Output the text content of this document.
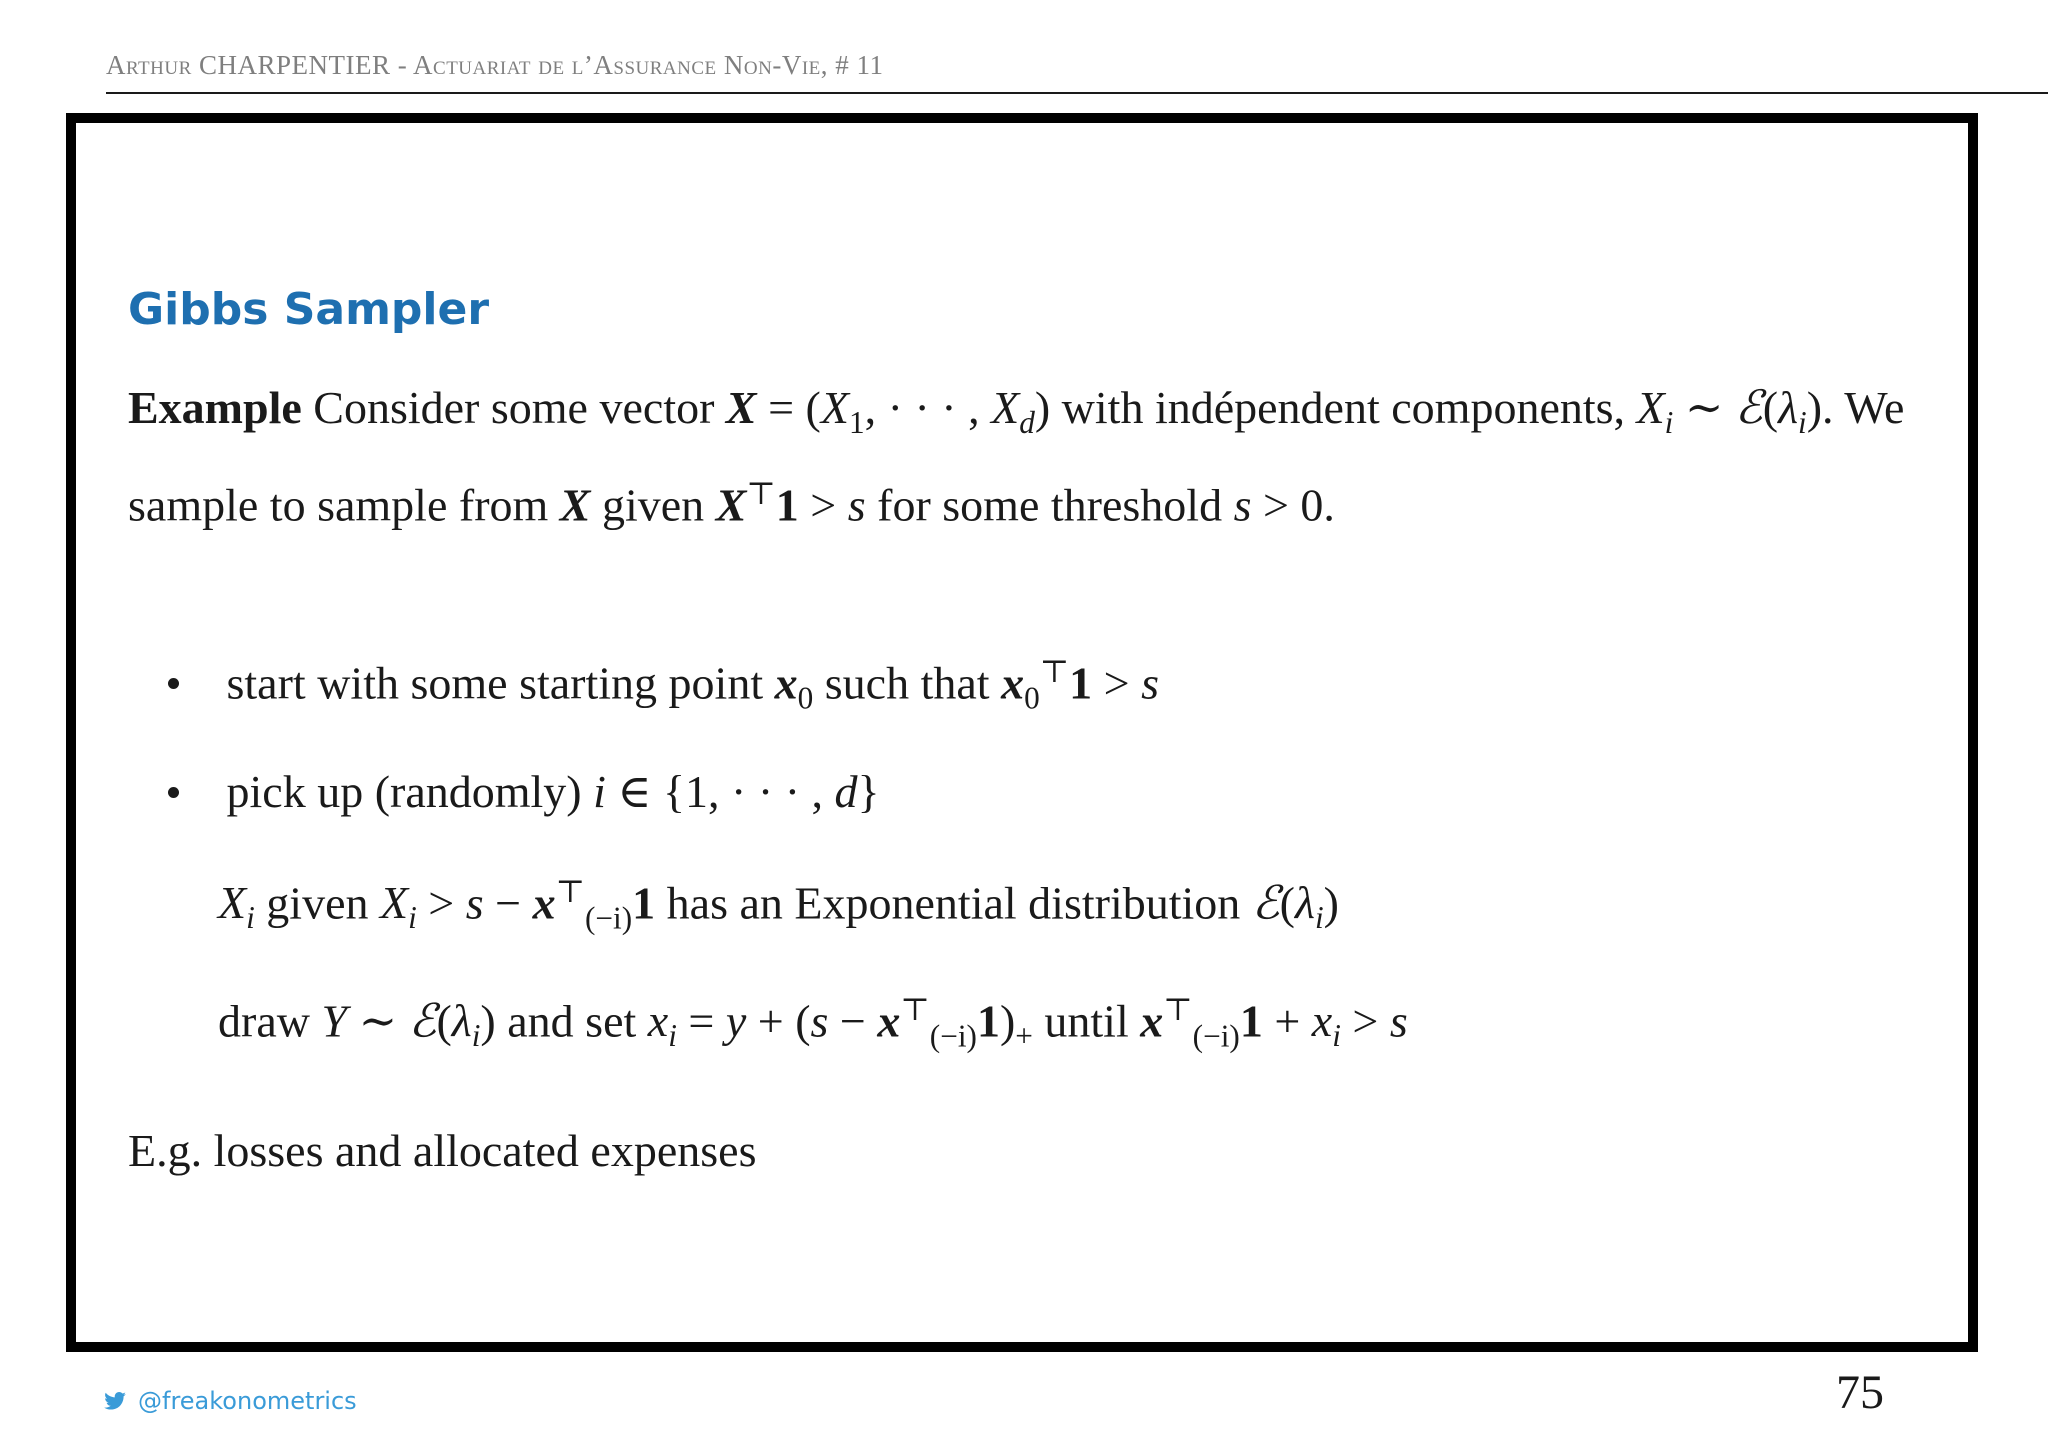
Arthur CHARPENTIER - Actuariat de l’Assurance Non-Vie, # 11
Gibbs Sampler
Example Consider some vector $X = (X_1$, · · · , $X_d$) with indépendent components, $X_i$ ∼ $ℰ(\lambda_i)$. We sample to sample from X given X⊤1 > s for some threshold s > 0.
start with some starting point $x_0$ such that $x_0^⊤1 > s$
pick up (randomly) i ∈ {1, · · · , d}
$X_i$ given $X_i > s - x^⊤_{(-i)}1$ has an Exponential distribution $ℰ(\lambda_i)$
draw Y ∼ $ℰ(\lambda_i)$ and set $x_i = y + (s - x^⊤_{(-i)}1)_+$ until $x^⊤_{(-i)}1 + x_i > s$
E.g. losses and allocated expenses
@freakonometrics	75
